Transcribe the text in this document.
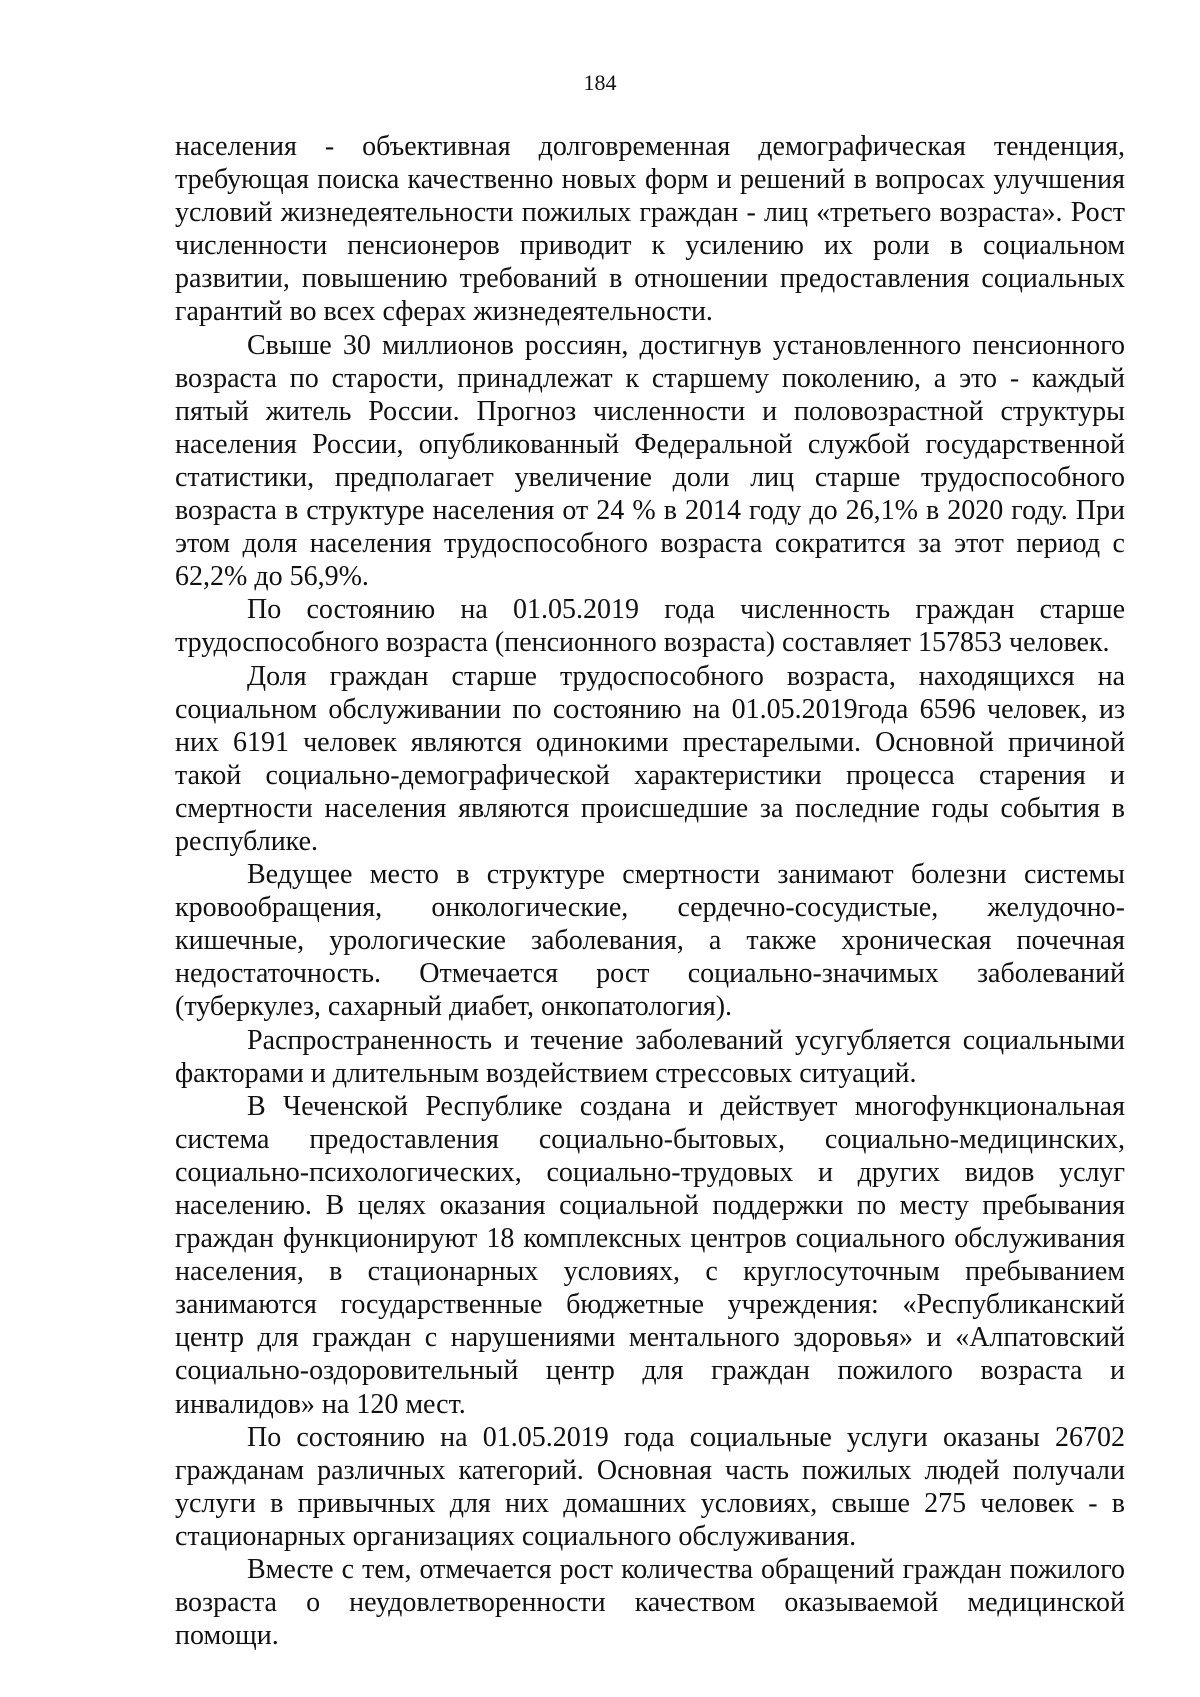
184

населения - объективная долговременная демографическая тенденция, требующая поиска качественно новых форм и решений в вопросах улучшения условий жизнедеятельности пожилых граждан - лиц «третьего возраста». Рост численности пенсионеров приводит к усилению их роли в социальном развитии, повышению требований в отношении предоставления социальных гарантий во всех сферах жизнедеятельности.

Свыше 30 миллионов россиян, достигнув установленного пенсионного возраста по старости, принадлежат к старшему поколению, а это - каждый пятый житель России. Прогноз численности и половозрастной структуры населения России, опубликованный Федеральной службой государственной статистики, предполагает увеличение доли лиц старше трудоспособного возраста в структуре населения от 24 % в 2014 году до 26,1% в 2020 году. При этом доля населения трудоспособного возраста сократится за этот период с 62,2% до 56,9%.

По состоянию на 01.05.2019 года численность граждан старше трудоспособного возраста (пенсионного возраста) составляет 157853 человек.

Доля граждан старше трудоспособного возраста, находящихся на социальном обслуживании по состоянию на 01.05.2019года 6596 человек, из них 6191 человек являются одинокими престарелыми. Основной причиной такой социально-демографической характеристики процесса старения и смертности населения являются происшедшие за последние годы события в республике.

Ведущее место в структуре смертности занимают болезни системы кровообращения, онкологические, сердечно-сосудистые, желудочно-кишечные, урологические заболевания, а также хроническая почечная недостаточность. Отмечается рост социально-значимых заболеваний (туберкулез, сахарный диабет, онкопатология).

Распространенность и течение заболеваний усугубляется социальными факторами и длительным воздействием стрессовых ситуаций.

В Чеченской Республике создана и действует многофункциональная система предоставления социально-бытовых, социально-медицинских, социально-психологических, социально-трудовых и других видов услуг населению. В целях оказания социальной поддержки по месту пребывания граждан функционируют 18 комплексных центров социального обслуживания населения, в стационарных условиях, с круглосуточным пребыванием занимаются государственные бюджетные учреждения: «Республиканский центр для граждан с нарушениями ментального здоровья» и «Алпатовский социально-оздоровительный центр для граждан пожилого возраста и инвалидов» на 120 мест.

По состоянию на 01.05.2019 года социальные услуги оказаны 26702 гражданам различных категорий. Основная часть пожилых людей получали услуги в привычных для них домашних условиях, свыше 275 человек - в стационарных организациях социального обслуживания.

Вместе с тем, отмечается рост количества обращений граждан пожилого возраста о неудовлетворенности качеством оказываемой медицинской помощи.
